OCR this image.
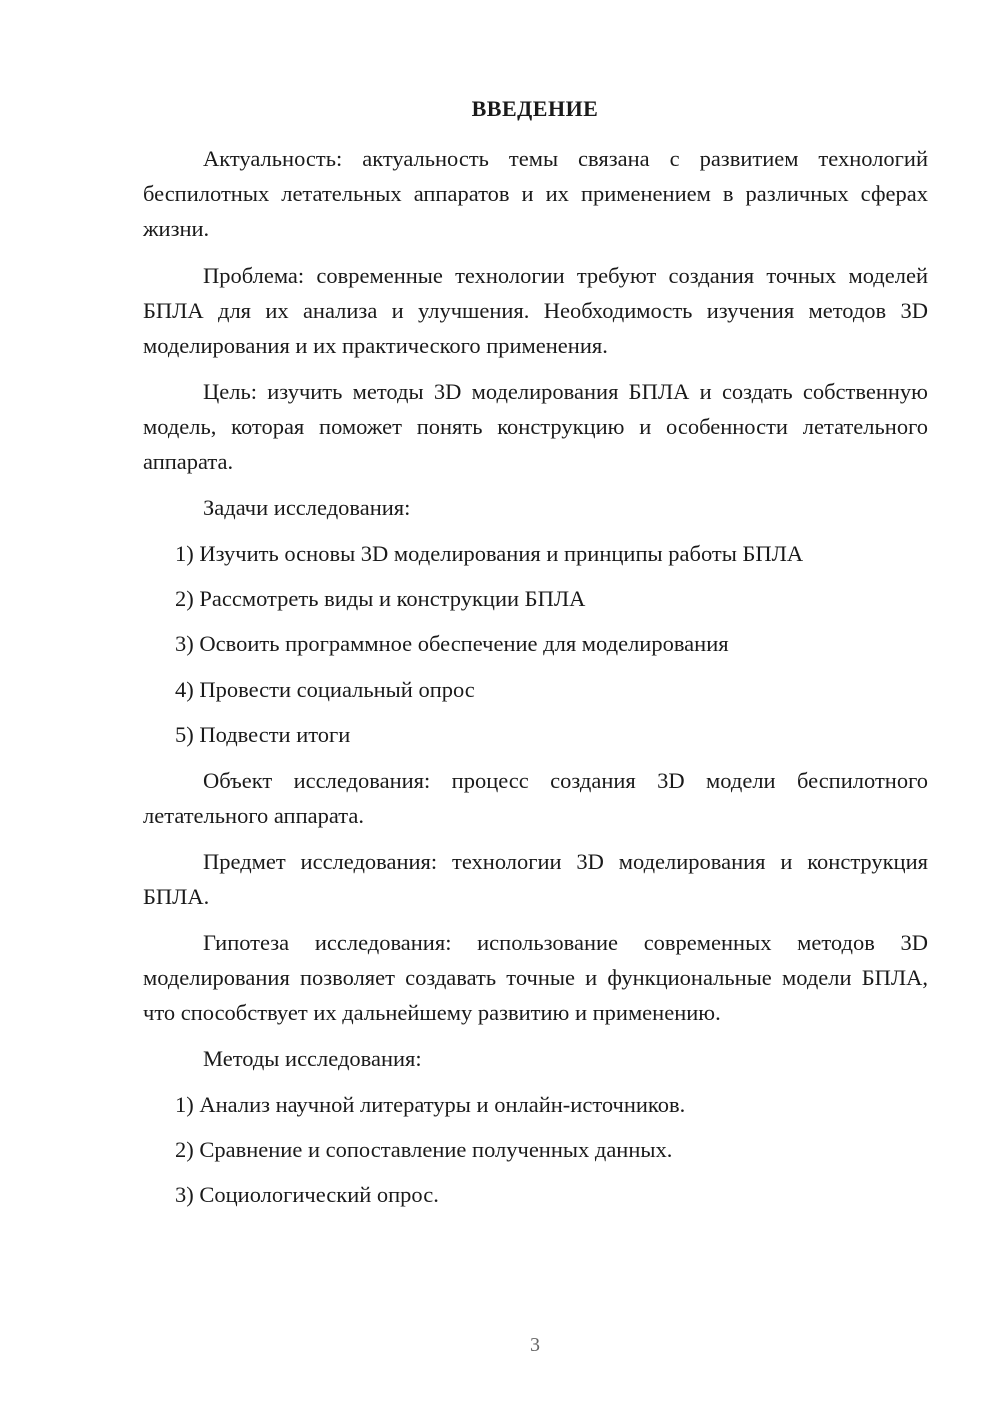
ВВЕДЕНИЕ
Актуальность: актуальность темы связана с развитием технологий беспилотных летательных аппаратов и их применением в различных сферах жизни.
Проблема: современные технологии требуют создания точных моделей БПЛА для их анализа и улучшения. Необходимость изучения методов 3D моделирования и их практического применения.
Цель: изучить методы 3D моделирования БПЛА и создать собственную модель, которая поможет понять конструкцию и особенности летательного аппарата.
Задачи исследования:
1) Изучить основы 3D моделирования и принципы работы БПЛА
2) Рассмотреть виды и конструкции БПЛА
3) Освоить программное обеспечение для моделирования
4) Провести социальный опрос
5) Подвести итоги
Объект исследования: процесс создания 3D модели беспилотного летательного аппарата.
Предмет исследования: технологии 3D моделирования и конструкция БПЛА.
Гипотеза исследования: использование современных методов 3D моделирования позволяет создавать точные и функциональные модели БПЛА, что способствует их дальнейшему развитию и применению.
Методы исследования:
1) Анализ научной литературы и онлайн-источников.
2) Сравнение и сопоставление полученных данных.
3) Социологический опрос.
3
